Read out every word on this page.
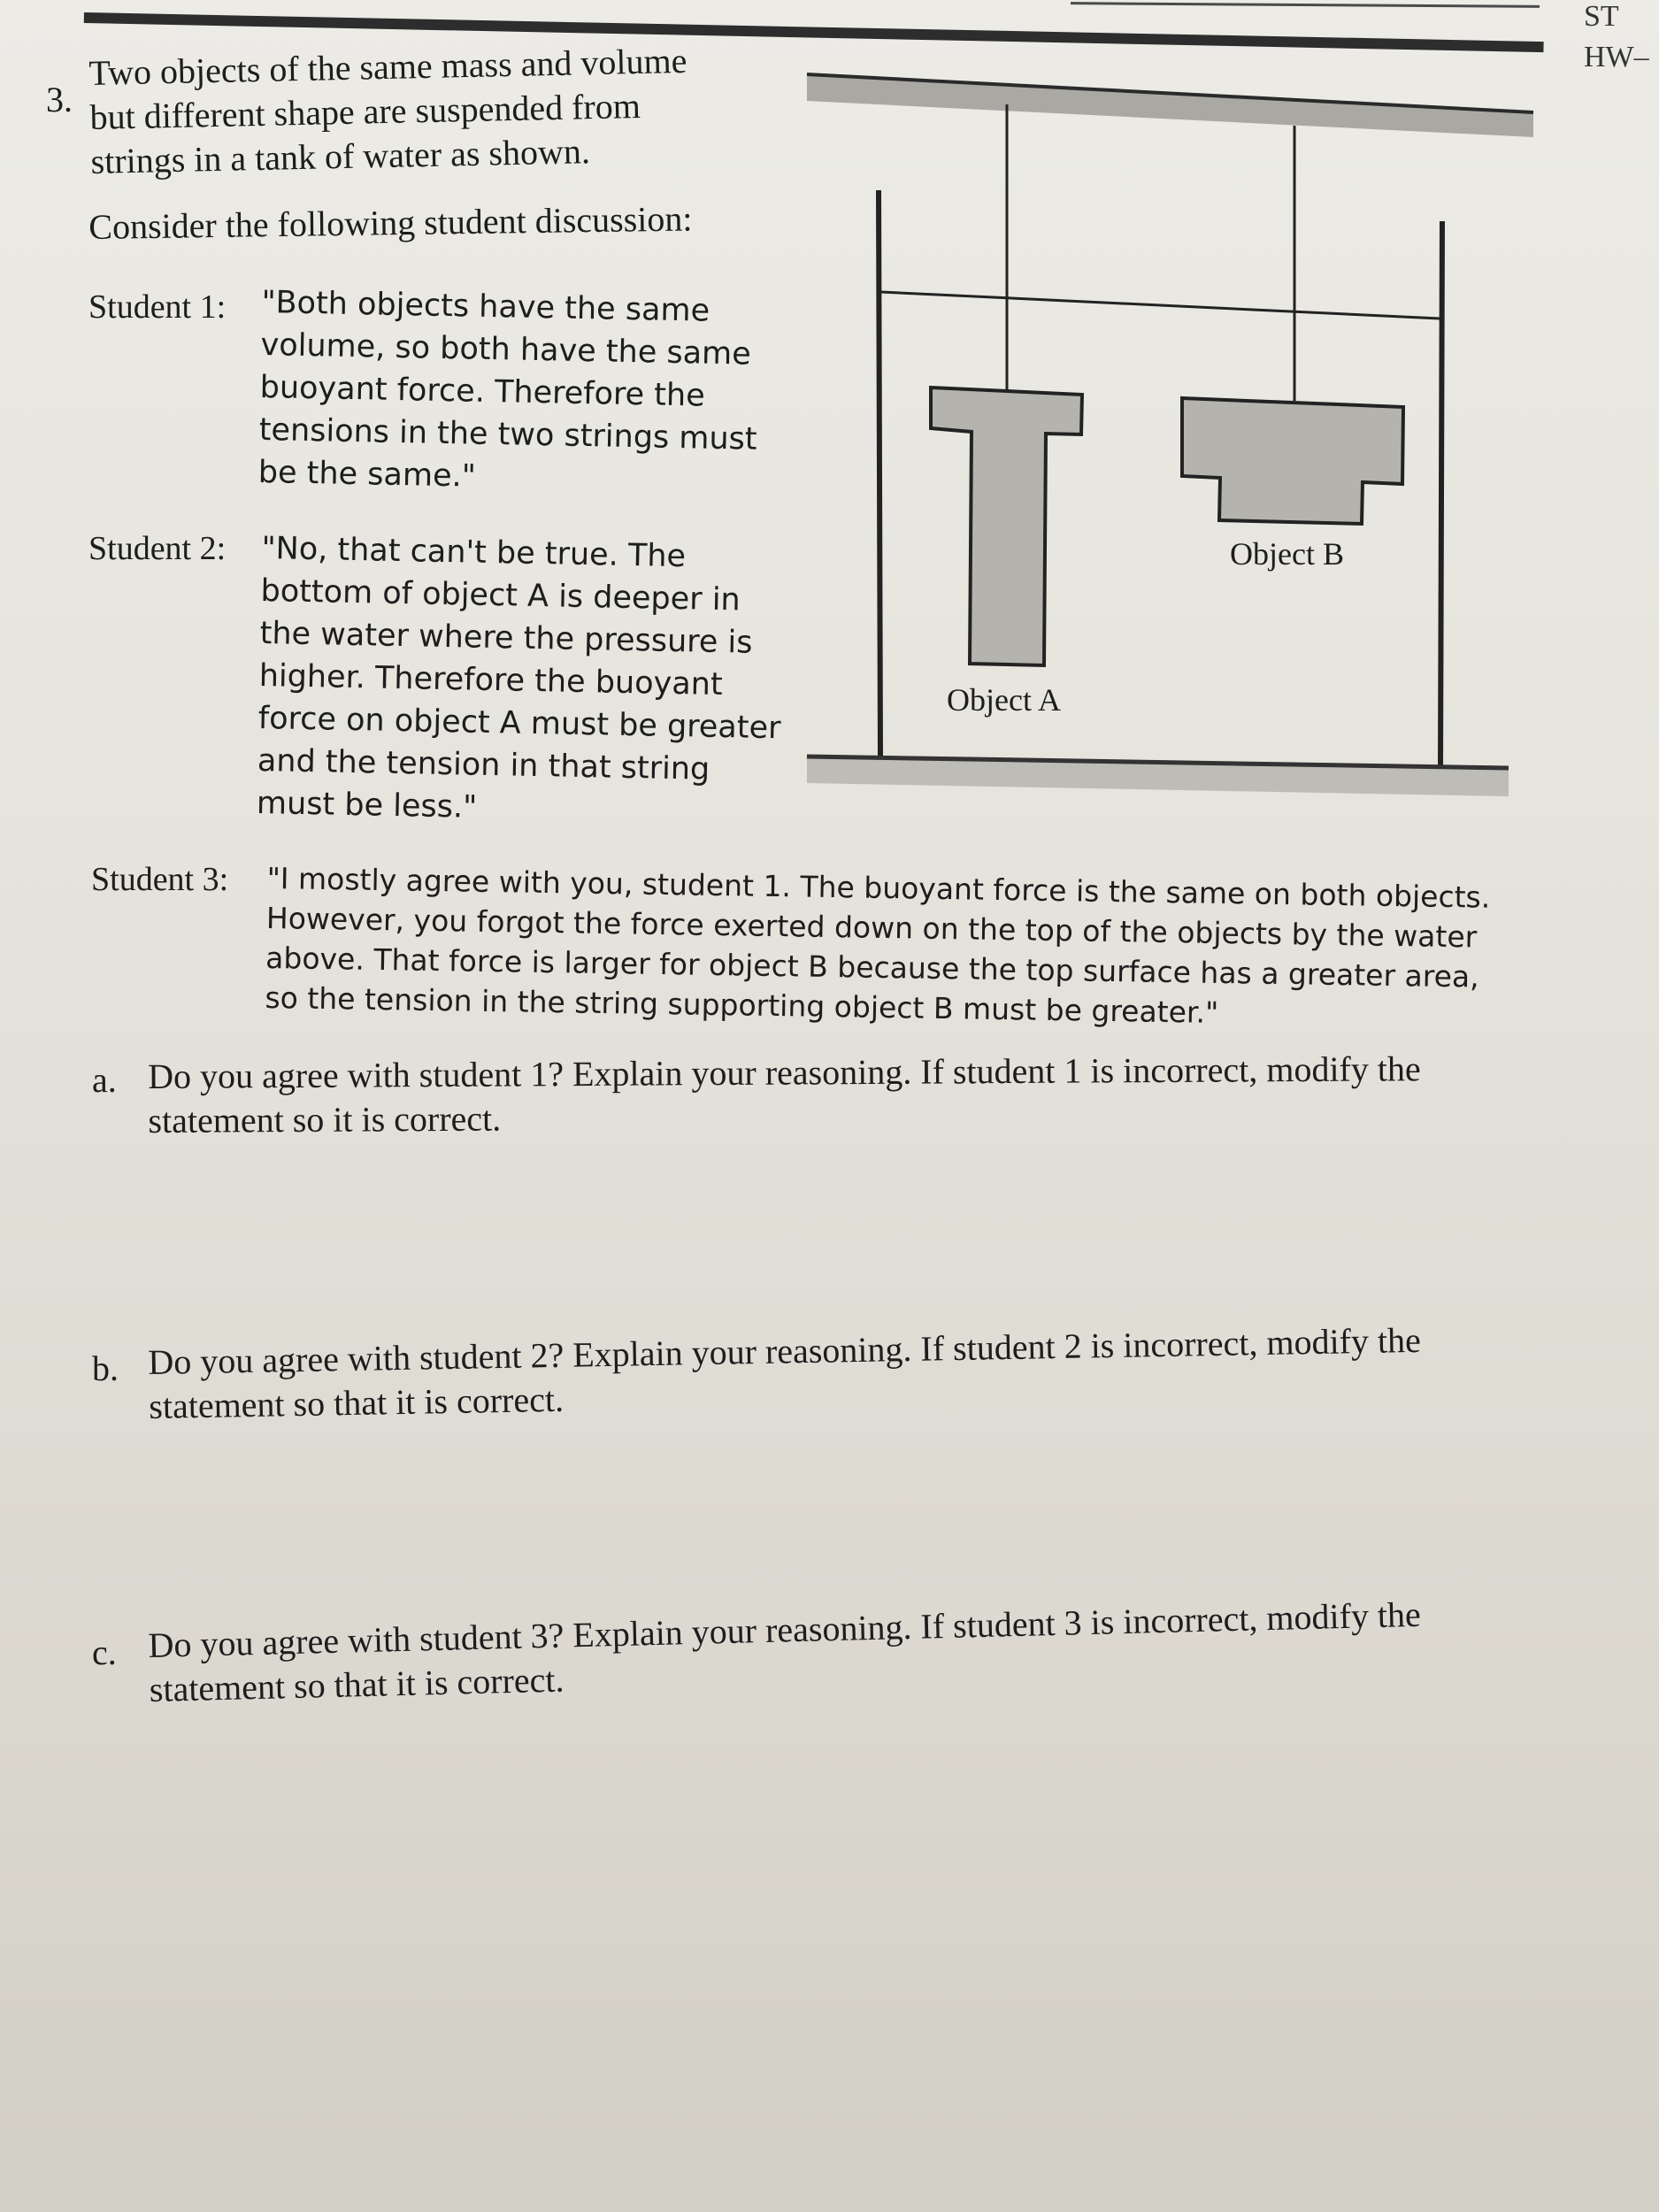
ST
HW–
3.
Two objects of the same mass and volume
but different shape are suspended from
strings in a tank of water as shown.
Consider the following student discussion:
Student 1: "Both objects have the same
volume, so both have the same
buoyant force. Therefore the
tensions in the two strings must
be the same."
Student 2: "No, that can't be true. The
bottom of object A is deeper in
the water where the pressure is
higher. Therefore the buoyant
force on object A must be greater
and the tension in that string
must be less."
Object A
Object B
Student 3: "I mostly agree with you, student 1. The buoyant force is the same on both objects.
However, you forgot the force exerted down on the top of the objects by the water
above. That force is larger for object B because the top surface has a greater area,
so the tension in the string supporting object B must be greater."
a. Do you agree with student 1? Explain your reasoning. If student 1 is incorrect, modify the
statement so it is correct.
b. Do you agree with student 2? Explain your reasoning. If student 2 is incorrect, modify the
statement so that it is correct.
c. Do you agree with student 3? Explain your reasoning. If student 3 is incorrect, modify the
statement so that it is correct.
